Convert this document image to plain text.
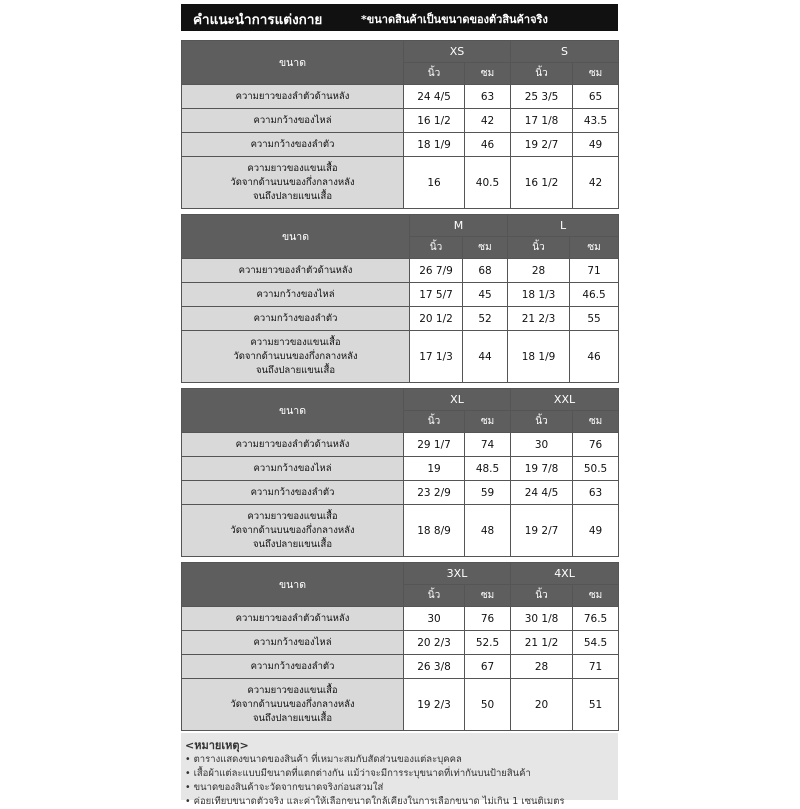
คำแนะนำการแต่งกาย	*ขนาดสินค้าเป็นขนาดของตัวสินค้าจริง
ขนาด	XS		S	
	นิ้ว	ซม	นิ้ว	ซม
ความยาวของลำตัวด้านหลัง	24 4/5	63	25 3/5	65
ความกว้างของไหล่	16 1/2	42	17 1/8	43.5
ความกว้างของลำตัว	18 1/9	46	19 2/7	49

ความยาวของแขนเสื้อ
วัดจากด้านบนของกึ่งกลางหลัง
จนถึงปลายแขนเสื้อ	16	40.5	16 1/2	42
ขนาด	M		L	
	นิ้ว	ซม	นิ้ว	ซม
ความยาวของลำตัวด้านหลัง	26 7/9	68	28	71
ความกว้างของไหล่	17 5/7	45	18 1/3	46.5
ความกว้างของลำตัว	20 1/2	52	21 2/3	55

ความยาวของแขนเสื้อ
วัดจากด้านบนของกึ่งกลางหลัง
จนถึงปลายแขนเสื้อ	17 1/3	44	18 1/9	46
ขนาด	XL		XXL	
	นิ้ว	ซม	นิ้ว	ซม
ความยาวของลำตัวด้านหลัง	29 1/7	74	30	76
ความกว้างของไหล่	19	48.5	19 7/8	50.5
ความกว้างของลำตัว	23 2/9	59	24 4/5	63

ความยาวของแขนเสื้อ
วัดจากด้านบนของกึ่งกลางหลัง
จนถึงปลายแขนเสื้อ	18 8/9	48	19 2/7	49
ขนาด	3XL		4XL	
	นิ้ว	ซม	นิ้ว	ซม
ความยาวของลำตัวด้านหลัง	30	76	30 1/8	76.5
ความกว้างของไหล่	20 2/3	52.5	21 1/2	54.5
ความกว้างของลำตัว	26 3/8	67	28	71

ความยาวของแขนเสื้อ
วัดจากด้านบนของกึ่งกลางหลัง
จนถึงปลายแขนเสื้อ	19 2/3	50	20	51
<หมายเหตุ>
• ตารางแสดงขนาดของสินค้า ที่เหมาะสมกับสัดส่วนของแต่ละบุคคล
• เสื้อผ้าแต่ละแบบมีขนาดที่แตกต่างกัน แม้ว่าจะมีการระบุขนาดที่เท่ากันบนป้ายสินค้า
• ขนาดของสินค้าจะวัดจากขนาดจริงก่อนสวมใส่
• ค่อยเทียบขนาดตัวจริง และค่าให้เลือกขนาดใกล้เคียงในการเลือกขนาด ไม่เกิน 1 เซนติเมตร
